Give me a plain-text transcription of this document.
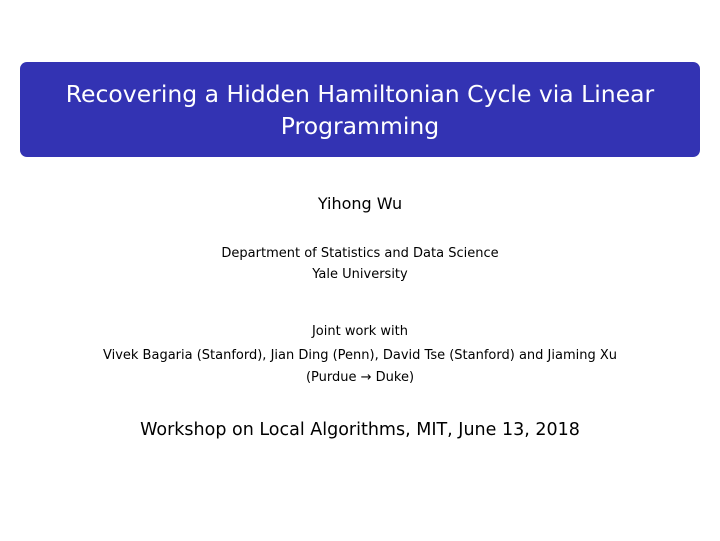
Recovering a Hidden Hamiltonian Cycle via Linear
Programming
Yihong Wu
Department of Statistics and Data Science
Yale University
Joint work with
Vivek Bagaria (Stanford), Jian Ding (Penn), David Tse (Stanford) and Jiaming Xu
(Purdue → Duke)
Workshop on Local Algorithms, MIT, June 13, 2018
